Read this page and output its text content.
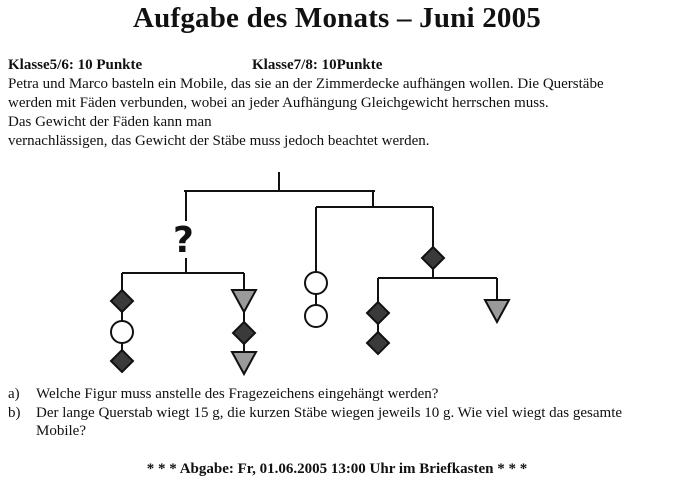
Aufgabe des Monats – Juni 2005
Klasse5/6: 10 Punkte	Klasse7/8: 10Punkte
Petra und Marco basteln ein Mobile, das sie an der Zimmerdecke aufhängen wollen. Die Querstäbe
werden mit Fäden verbunden, wobei an jeder Aufhängung Gleichgewicht herrschen muss.
Das Gewicht der Fäden kann man
vernachlässigen, das Gewicht der Stäbe muss jedoch beachtet werden.
?
a) Welche Figur muss anstelle des Fragezeichens eingehängt werden?
b) Der lange Querstab wiegt 15 g, die kurzen Stäbe wiegen jeweils 10 g. Wie viel wiegt das gesamte Mobile?
* * * Abgabe: Fr, 01.06.2005 13:00 Uhr im Briefkasten * * *
